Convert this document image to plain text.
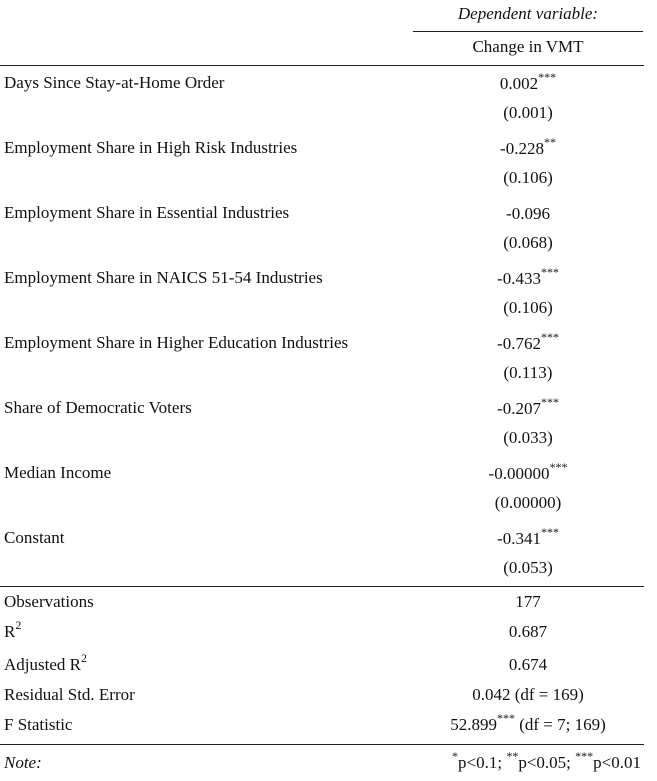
Dependent variable:
Change in VMT
Days Since Stay-at-Home Order	0.002***
(0.001)
Employment Share in High Risk Industries	-0.228**
(0.106)
Employment Share in Essential Industries	-0.096
(0.068)
Employment Share in NAICS 51-54 Industries	-0.433***
(0.106)
Employment Share in Higher Education Industries	-0.762***
(0.113)
Share of Democratic Voters	-0.207***
(0.033)
Median Income	-0.00000***
(0.00000)
Constant	-0.341***
(0.053)
Observations	177
$R^2$	0.687
Adjusted $R^2$	0.674
Residual Std. Error	0.042 (df = 169)
F Statistic	52.899*** (df = 7; 169)
Note:	*p<0.1; **p<0.05; ***p<0.01
